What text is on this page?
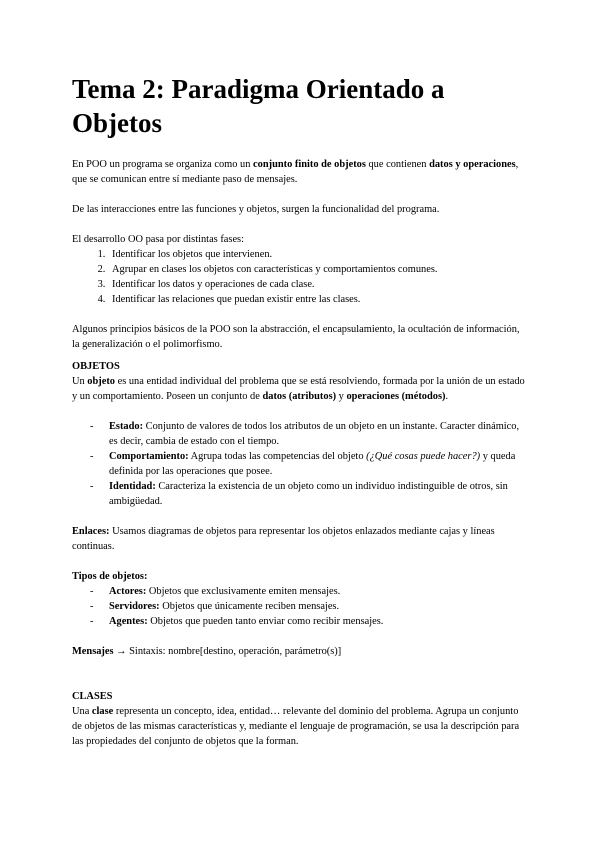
Tema 2: Paradigma Orientado a Objetos

En POO un programa se organiza como un conjunto finito de objetos que contienen datos y operaciones, que se comunican entre sí mediante paso de mensajes.

De las interacciones entre las funciones y objetos, surgen la funcionalidad del programa.

El desarrollo OO pasa por distintas fases:

1. Identificar los objetos que intervienen.
2. Agrupar en clases los objetos con características y comportamientos comunes.
3. Identificar los datos y operaciones de cada clase.
4. Identificar las relaciones que puedan existir entre las clases.

Algunos principios básicos de la POO son la abstracción, el encapsulamiento, la ocultación de información, la generalización o el polimorfismo.

OBJETOS

Un objeto es una entidad individual del problema que se está resolviendo, formada por la unión de un estado y un comportamiento. Poseen un conjunto de datos (atributos) y operaciones (métodos).

- Estado: Conjunto de valores de todos los atributos de un objeto en un instante. Caracter dinámico, es decir, cambia de estado con el tiempo.
- Comportamiento: Agrupa todas las competencias del objeto (¿Qué cosas puede hacer?) y queda definida por las operaciones que posee.
- Identidad: Caracteriza la existencia de un objeto como un individuo indistinguible de otros, sin ambigüedad.

Enlaces: Usamos diagramas de objetos para representar los objetos enlazados mediante cajas y líneas continuas.

Tipos de objetos:

- Actores: Objetos que exclusivamente emiten mensajes.
- Servidores: Objetos que únicamente reciben mensajes.
- Agentes: Objetos que pueden tanto enviar como recibir mensajes.

Mensajes → Sintaxis: nombre[destino, operación, parámetro(s)]

CLASES

Una clase representa un concepto, idea, entidad… relevante del dominio del problema. Agrupa un conjunto de objetos de las mismas características y, mediante el lenguaje de programación, se usa la descripción para las propiedades del conjunto de objetos que la forman.
